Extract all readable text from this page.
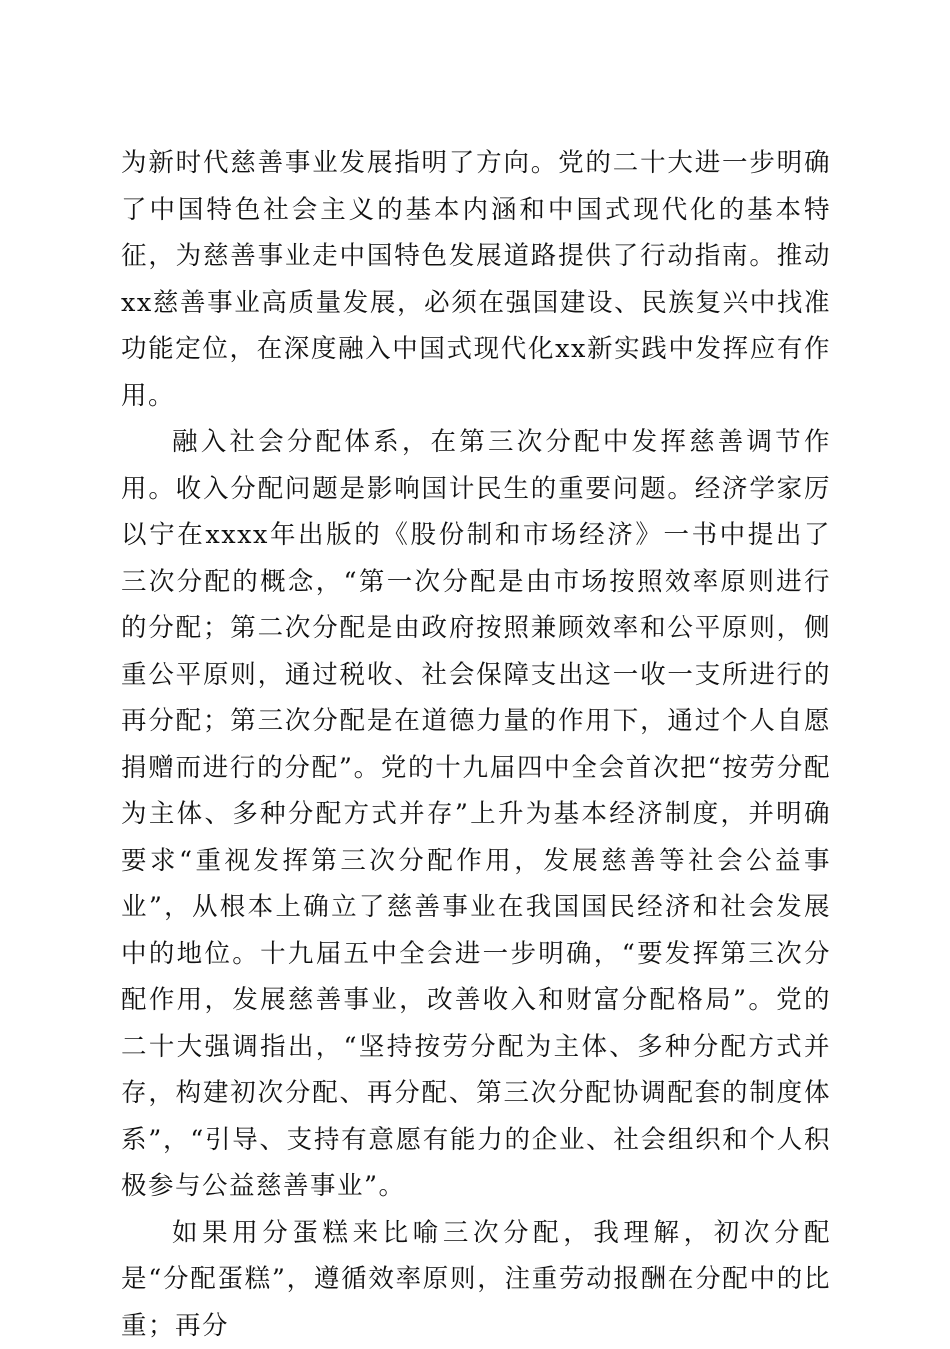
为新时代慈善事业发展指明了方向。党的二十大进一步明确了中国特色社会主义的基本内涵和中国式现代化的基本特征，为慈善事业走中国特色发展道路提供了行动指南。推动xx慈善事业高质量发展，必须在强国建设、民族复兴中找准功能定位，在深度融入中国式现代化xx新实践中发挥应有作用。

融入社会分配体系，在第三次分配中发挥慈善调节作用。收入分配问题是影响国计民生的重要问题。经济学家厉以宁在xxxx年出版的《股份制和市场经济》一书中提出了三次分配的概念，“第一次分配是由市场按照效率原则进行的分配；第二次分配是由政府按照兼顾效率和公平原则，侧重公平原则，通过税收、社会保障支出这一收一支所进行的再分配；第三次分配是在道德力量的作用下，通过个人自愿捐赠而进行的分配”。党的十九届四中全会首次把“按劳分配为主体、多种分配方式并存”上升为基本经济制度，并明确要求“重视发挥第三次分配作用，发展慈善等社会公益事业”，从根本上确立了慈善事业在我国国民经济和社会发展中的地位。十九届五中全会进一步明确，“要发挥第三次分配作用，发展慈善事业，改善收入和财富分配格局”。党的二十大强调指出，“坚持按劳分配为主体、多种分配方式并存，构建初次分配、再分配、第三次分配协调配套的制度体系”，“引导、支持有意愿有能力的企业、社会组织和个人积极参与公益慈善事业”。

如果用分蛋糕来比喻三次分配，我理解，初次分配是“分配蛋糕”，遵循效率原则，注重劳动报酬在分配中的比重；再分
